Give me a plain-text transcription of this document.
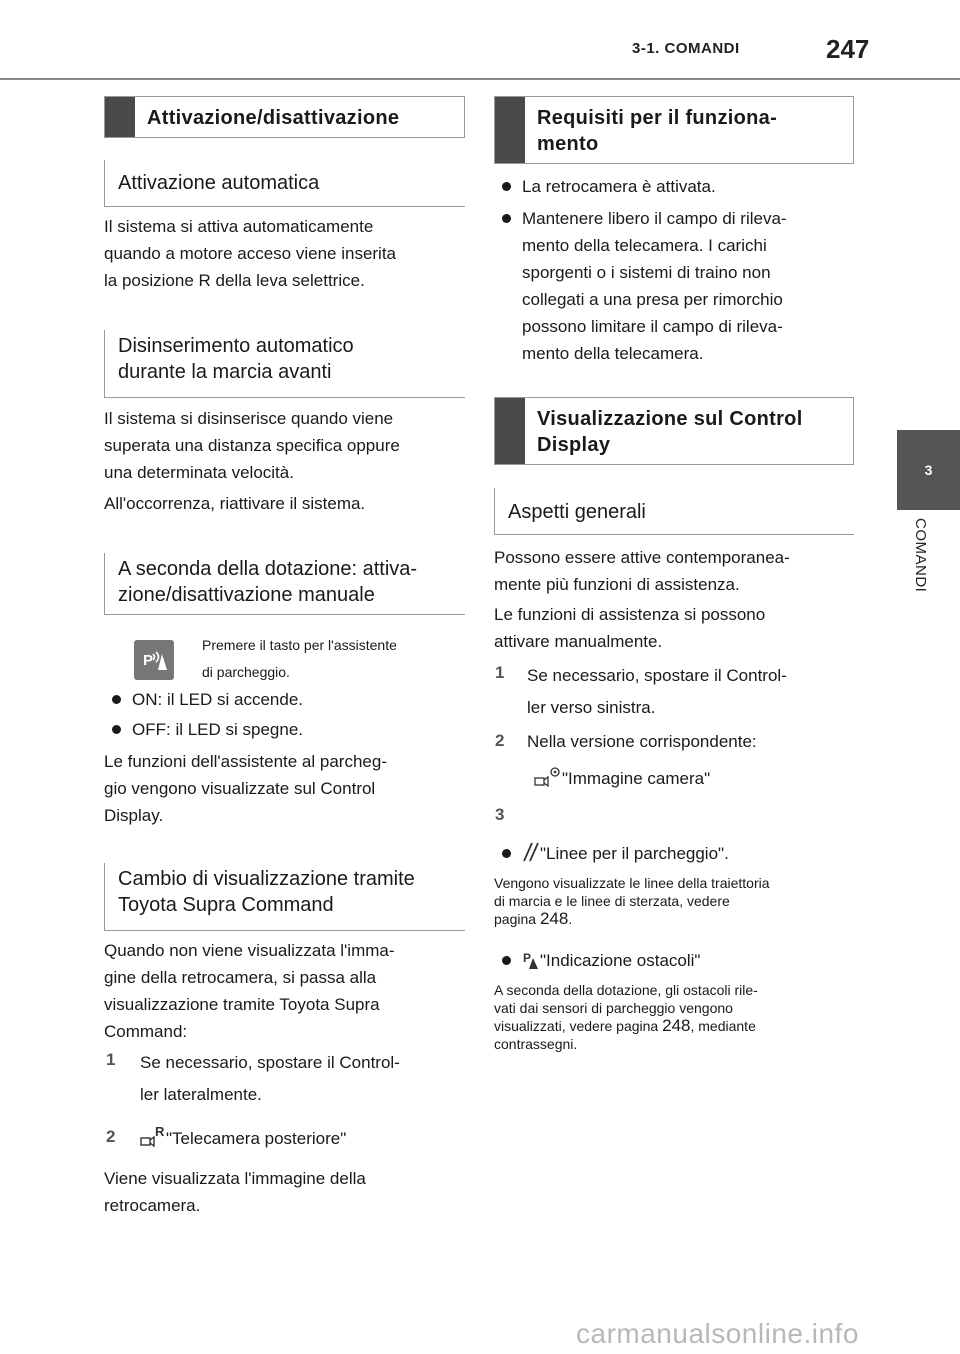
3-1. COMANDI	247
3
COMANDI
Attivazione/disattivazione
Attivazione automatica
Il sistema si attiva automaticamente
quando a motore acceso viene inserita
la posizione R della leva selettrice.
Disinserimento automatico
durante la marcia avanti
Il sistema si disinserisce quando viene
superata una distanza specifica oppure
una determinata velocità.
All'occorrenza, riattivare il sistema.
A seconda della dotazione: attiva-
zione/disattivazione manuale
P
Premere il tasto per l'assistente
di parcheggio.
ON: il LED si accende.
OFF: il LED si spegne.
Le funzioni dell'assistente al parcheg-
gio vengono visualizzate sul Control
Display.
Cambio di visualizzazione tramite
Toyota Supra Command
Quando non viene visualizzata l'imma-
gine della retrocamera, si passa alla
visualizzazione tramite Toyota Supra
Command:
1 Se necessario, spostare il Control-
ler lateralmente.
2	R "Telecamera posteriore"
Viene visualizzata l'immagine della
retrocamera.
Requisiti per il funziona-
mento
La retrocamera è attivata.
Mantenere libero il campo di rileva-
mento della telecamera. I carichi
sporgenti o i sistemi di traino non
collegati a una presa per rimorchio
possono limitare il campo di rileva-
mento della telecamera.
Visualizzazione sul Control
Display
Aspetti generali
Possono essere attive contemporanea-
mente più funzioni di assistenza.
Le funzioni di assistenza si possono
attivare manualmente.
1 Se necessario, spostare il Control-
ler verso sinistra.
2 Nella versione corrispondente:
"Immagine camera"
3
"Linee per il parcheggio".
Vengono visualizzate le linee della traiettoria
di marcia e le linee di sterzata, vedere
pagina 248.
P "Indicazione ostacoli"
A seconda della dotazione, gli ostacoli rile-
vati dai sensori di parcheggio vengono
visualizzati, vedere pagina 248, mediante
contrassegni.
carmanualsonline.info
